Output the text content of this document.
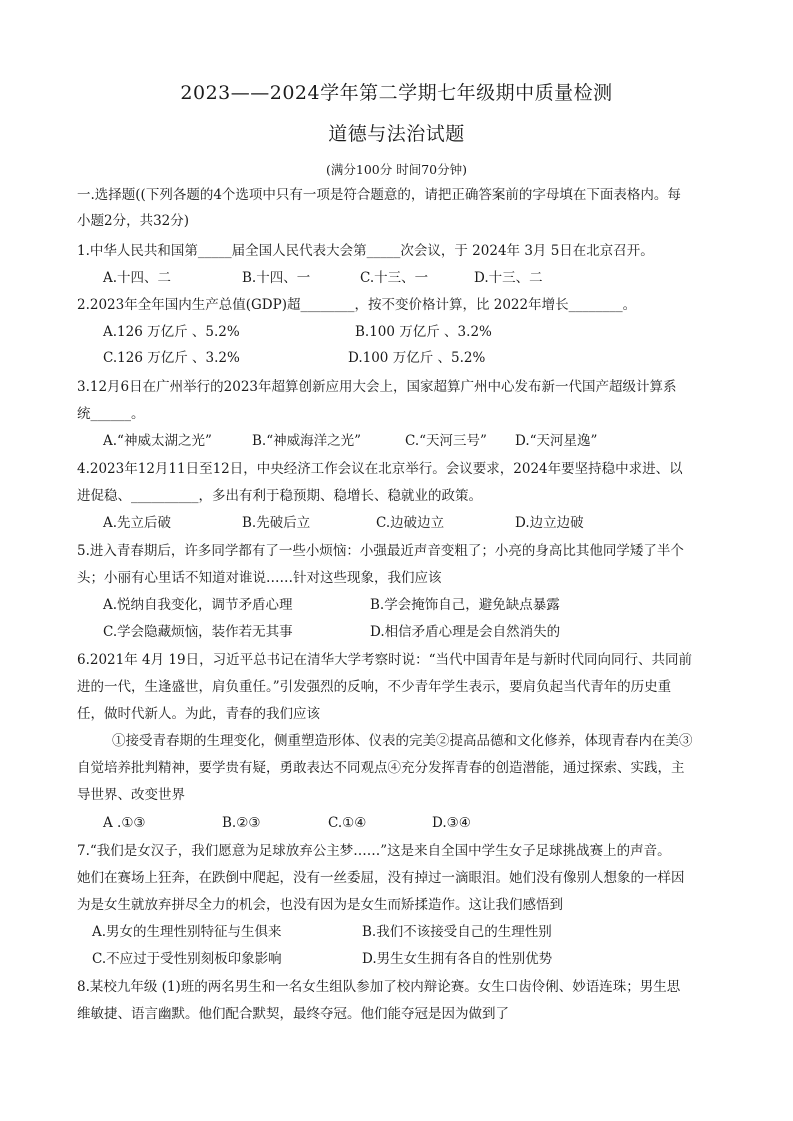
2023——2024学年第二学期七年级期中质量检测
道德与法治试题
(满分100分 时间70分钟)
一.选择题((下列各题的4个选项中只有一项是符合题意的，请把正确答案前的字母填在下面表格内。每
小题2分，共32分)
1.中华人民共和国第_____届全国人民代表大会第_____次会议，于 2024年 3月 5日在北京召开。
A.十四、二	B.十四、一	C.十三、一	D.十三、二
2.2023年全年国内生产总值(GDP)超________，按不变价格计算，比 2022年增长________。
A.126 万亿斤 、5.2%	B.100 万亿斤 、3.2%
C.126 万亿斤 、3.2%	D.100 万亿斤 、5.2%
3.12月6日在广州举行的2023年超算创新应用大会上，国家超算广州中心发布新一代国产超级计算系
统______。
A.“神威太湖之光”	B.“神威海洋之光”	C.“天河三号” D.“天河星逸”
4.2023年12月11日至12日，中央经济工作会议在北京举行。会议要求，2024年要坚持稳中求进、以
进促稳、__________，多出有利于稳预期、稳增长、稳就业的政策。
A.先立后破	B.先破后立	C.边破边立	D.边立边破
5.进入青春期后，许多同学都有了一些小烦恼：小强最近声音变粗了；小亮的身高比其他同学矮了半个
头；小丽有心里话不知道对谁说……针对这些现象，我们应该
A.悦纳自我变化，调节矛盾心理	B.学会掩饰自己，避免缺点暴露
C.学会隐藏烦恼，装作若无其事	D.相信矛盾心理是会自然消失的
6.2021年 4月 19日，习近平总书记在清华大学考察时说：“当代中国青年是与新时代同向同行、共同前
进的一代，生逢盛世，肩负重任。”引发强烈的反响，不少青年学生表示，要肩负起当代青年的历史重
任，做时代新人。为此，青春的我们应该
①接受青春期的生理变化，侧重塑造形体、仪表的完美②提高品德和文化修养，体现青春内在美③
自觉培养批判精神，要学贵有疑，勇敢表达不同观点④充分发挥青春的创造潜能，通过探索、实践，主
导世界、改变世界
A .①③	B.②③	C.①④	D.③④
7.“我们是女汉子，我们愿意为足球放弃公主梦……”这是来自全国中学生女子足球挑战赛上的声音。
她们在赛场上狂奔，在跌倒中爬起，没有一丝委屈，没有掉过一滴眼泪。她们没有像别人想象的一样因
为是女生就放弃拼尽全力的机会，也没有因为是女生而矫揉造作。这让我们感悟到
A.男女的生理性别特征与生俱来	B.我们不该接受自己的生理性别
C.不应过于受性别刻板印象影响	D.男生女生拥有各自的性别优势
8.某校九年级 (1)班的两名男生和一名女生组队参加了校内辩论赛。女生口齿伶俐、妙语连珠；男生思
维敏捷、语言幽默。他们配合默契，最终夺冠。他们能夺冠是因为做到了
